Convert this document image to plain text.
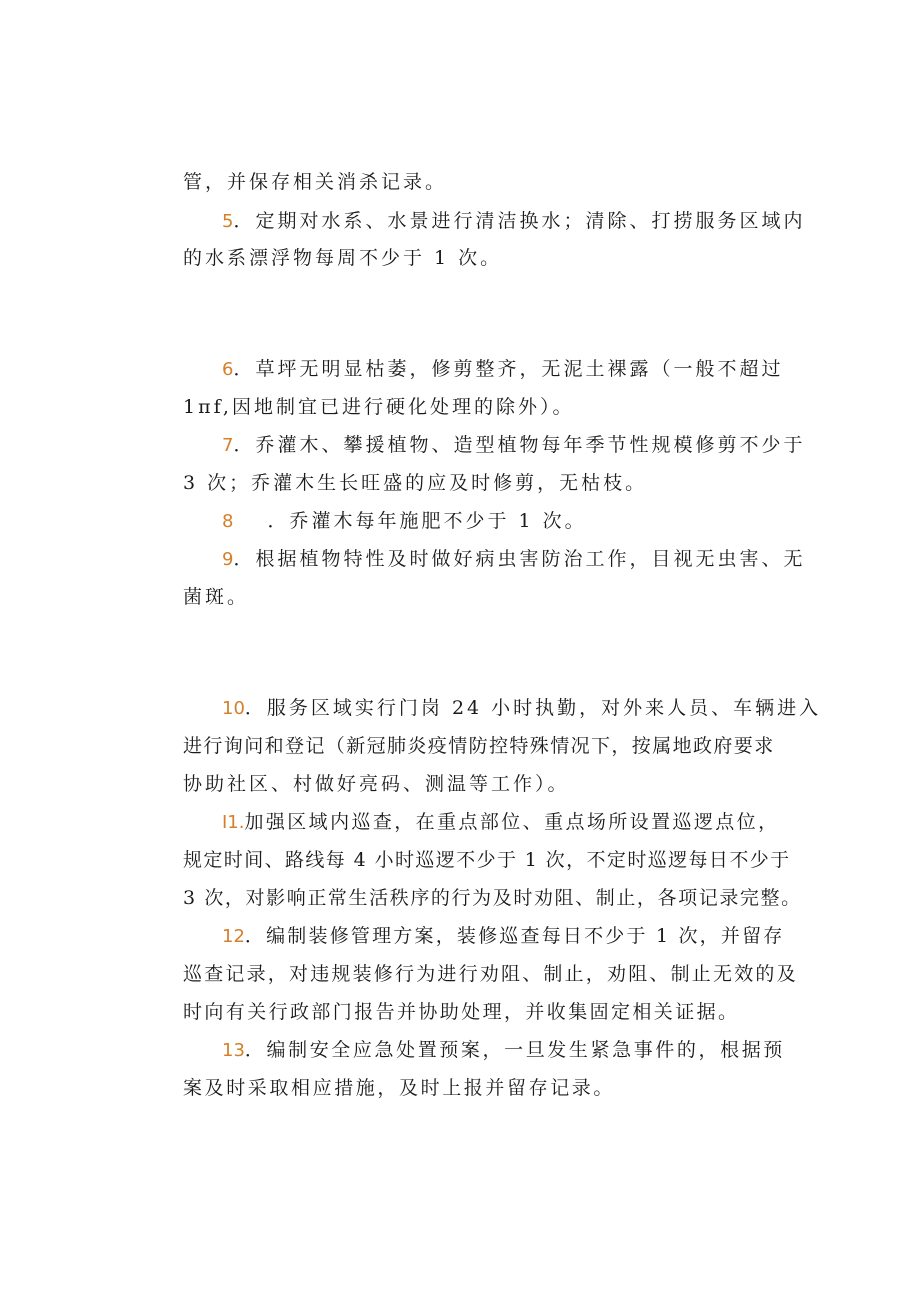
管，并保存相关消杀记录。
5．定期对水系、水景进行清洁换水；清除、打捞服务区域内
的水系漂浮物每周不少于 1 次。
6．草坪无明显枯萎，修剪整齐，无泥土裸露（一般不超过
1πf,因地制宜已进行硬化处理的除外）。
7．乔灌木、攀援植物、造型植物每年季节性规模修剪不少于
3 次；乔灌木生长旺盛的应及时修剪，无枯枝。
8 ．乔灌木每年施肥不少于 1 次。
9．根据植物特性及时做好病虫害防治工作，目视无虫害、无
菌斑。
10．服务区域实行门岗 24 小时执勤，对外来人员、车辆进入
进行询问和登记（新冠肺炎疫情防控特殊情况下，按属地政府要求
协助社区、村做好亮码、测温等工作）。
I1.加强区域内巡查，在重点部位、重点场所设置巡逻点位，
规定时间、路线每 4 小时巡逻不少于 1 次，不定时巡逻每日不少于
3 次，对影响正常生活秩序的行为及时劝阻、制止，各项记录完整。
12．编制装修管理方案，装修巡查每日不少于 1 次，并留存
巡查记录，对违规装修行为进行劝阻、制止，劝阻、制止无效的及
时向有关行政部门报告并协助处理，并收集固定相关证据。
13．编制安全应急处置预案，一旦发生紧急事件的，根据预
案及时采取相应措施，及时上报并留存记录。
